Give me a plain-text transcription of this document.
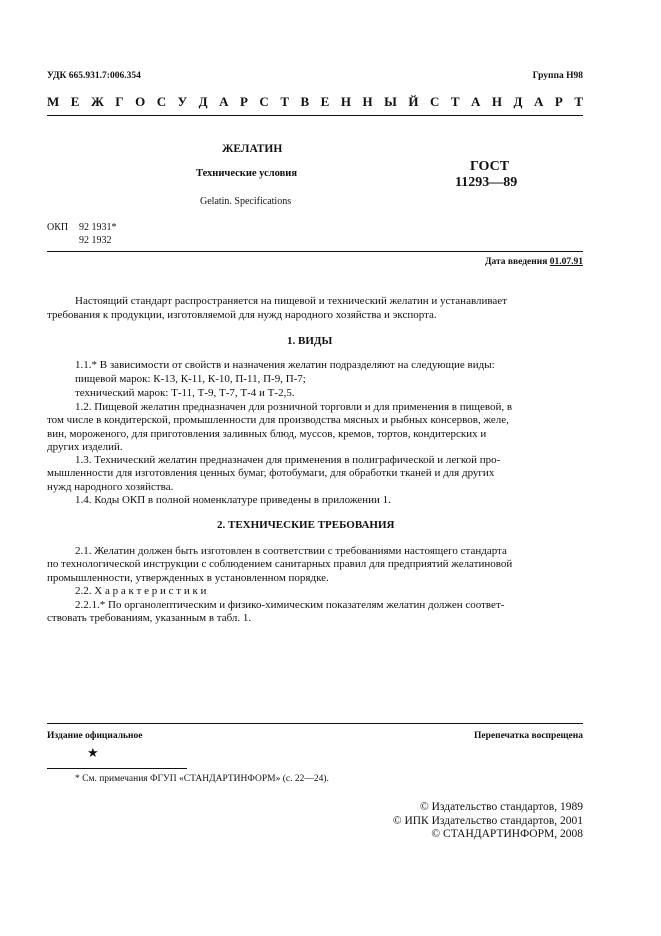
УДК 665.931.7:006.354	Группа Н98
М Е Ж Г О С У Д А Р С Т В Е Н Н Ы Й С Т А Н Д А Р Т
ЖЕЛАТИН
Технические условия
Gelatin. Specifications
ГОСТ
11293—89
ОКП 92 1931*
92 1932
Дата введения 01.07.91
Настоящий стандарт распространяется на пищевой и технический желатин и устанавливает
требования к продукции, изготовляемой для нужд народного хозяйства и экспорта.
1. ВИДЫ
1.1.* В зависимости от свойств и назначения желатин подразделяют на следующие виды:
пищевой марок: К-13, К-11, К-10, П-11, П-9, П-7;
технический марок: Т-11, Т-9, Т-7, Т-4 и Т-2,5.
1.2. Пищевой желатин предназначен для розничной торговли и для применения в пищевой, в
том числе в кондитерской, промышленности для производства мясных и рыбных консервов, желе,
вин, мороженого, для приготовления заливных блюд, муссов, кремов, тортов, кондитерских и
других изделий.
1.3. Технический желатин предназначен для применения в полиграфической и легкой про-
мышленности для изготовления ценных бумаг, фотобумаги, для обработки тканей и для других
нужд народного хозяйства.
1.4. Коды ОКП в полной номенклатуре приведены в приложении 1.
2. ТЕХНИЧЕСКИЕ ТРЕБОВАНИЯ
2.1. Желатин должен быть изготовлен в соответствии с требованиями настоящего стандарта
по технологической инструкции с соблюдением санитарных правил для предприятий желатиновой
промышленности, утвержденных в установленном порядке.
2.2. Х а р а к т е р и с т и к и
2.2.1.* По органолептическим и физико-химическим показателям желатин должен соответ-
ствовать требованиям, указанным в табл. 1.
Издание официальное	Перепечатка воспрещена
★
* См. примечания ФГУП «СТАНДАРТИНФОРМ» (с. 22—24).
© Издательство стандартов, 1989
© ИПК Издательство стандартов, 2001
© СТАНДАРТИНФОРМ, 2008
